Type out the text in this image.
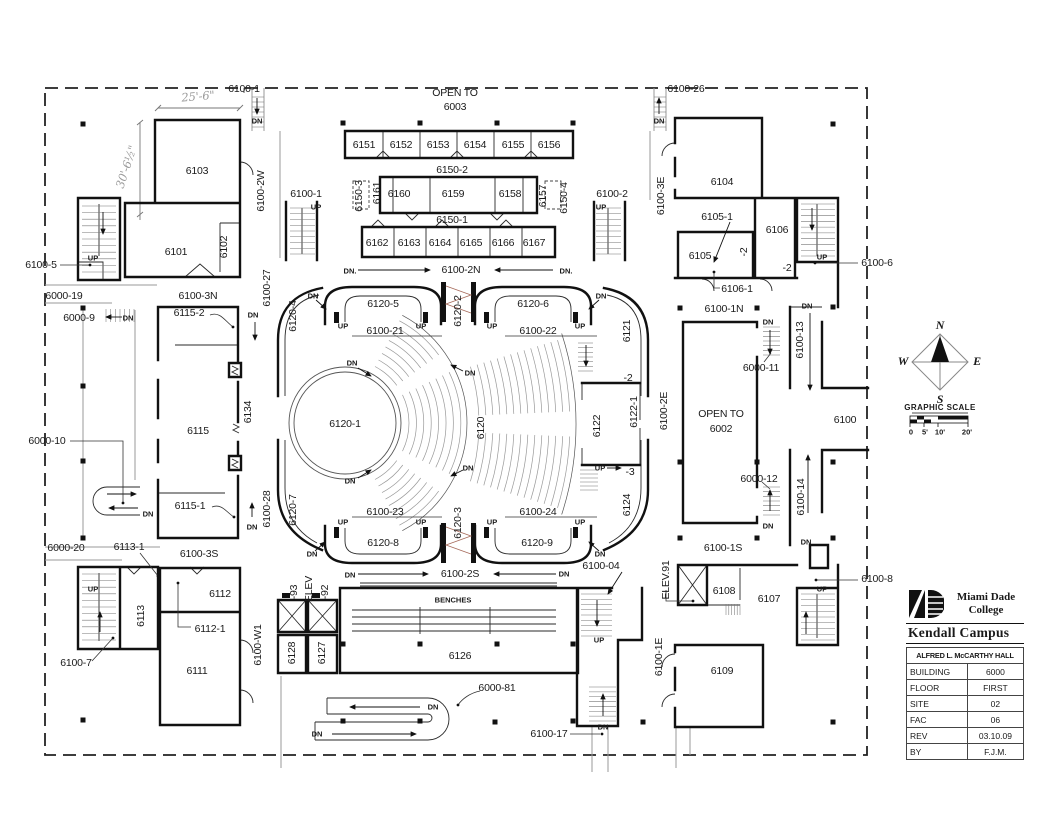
6100-1	OPEN TO
6003
6100-26
25'-6"
30'-6½"	6151 6152 6153 6154 6155 6156
6150-2
6100-1
UP	6150-3 6161 6160	6159	6158 6157 6150-4	6100-2
UP
6150-1
6162 6163 6164 6165 6166 6167
DN.	6100-2N	DN.
DN	DN
6103	6100-2W
6101	6102
UP
6100-5
6000-19
6000-9	DN
6100-3N	6100-27
6115-2	DN
6115
6134
6000-10
DN
6115-1	6100-28
DN
6000-20	6113-1
6100-3S
UP
6113
6112
6112-1
6111
6100-7	6100-W1
ELEV
-93 -92
6128 6127
6120-4
DN
6120-5
6100-21
UP	UP 6120-2	6120-6
6100-22
UP	UP
DN
6121
6120-1
DN
DN
DN
DN
6120	6122
-2
6122-1
-3
UP
6100-2E
6120-7	6100-23
6120-8
UP	UP 6120-3	6100-24
6120-9
UP	UP
DN	DN
6124
DN	6100-2S	DN
6100-04
BENCHES
6126
6000-81
DN
DN	6100-17
UP
DN
6100-1E
6100-3E	6104
6105-1
6105	-2
6106
-2
UP
6106-1
6100-6
6100-1N
DN
6000-11
6100-13
DN
OPEN TO
6002
6000-12
DN
6100-14
DN
6100
6100-1S
ELEV.91	6108
6107
UP
6100-8
6109
N
W	E
S
GRAPHIC SCALE
0 5' 10' 20'
Miami Dade
College
Kendall Campus
ALFRED L. McCARTHY HALL	
BUILDING	6000
FLOOR	FIRST
SITE	02
FAC	06
REV	03.10.09
BY	F.J.M.
